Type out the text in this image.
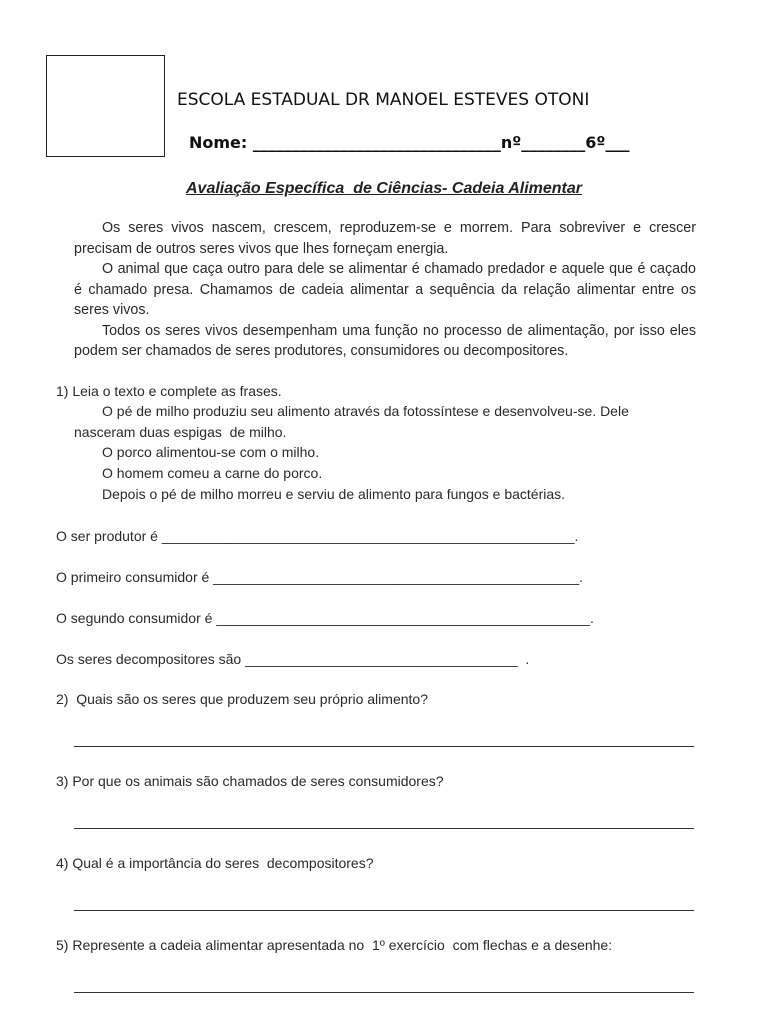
ESCOLA ESTADUAL DR MANOEL ESTEVES OTONI
Nome: _______________________________nº________6º___
Avaliação Específica  de Ciências- Cadeia Alimentar

Os seres vivos nascem, crescem, reproduzem-se e morrem. Para sobreviver e crescer precisam de outros seres vivos que lhes forneçam energia.

O animal que caça outro para dele se alimentar é chamado predador e aquele que é caçado é chamado presa. Chamamos de cadeia alimentar a sequência da relação alimentar entre os seres vivos.

Todos os seres vivos desempenham uma função no processo de alimentação, por isso eles podem ser chamados de seres produtores, consumidores ou decompositores.

1) Leia o texto e complete as frases.
O pé de milho produziu seu alimento através da fotossíntese e desenvolveu-se. Dele
nasceram duas espigas  de milho.
O porco alimentou-se com o milho.
O homem comeu a carne do porco.
Depois o pé de milho morreu e serviu de alimento para fungos e bactérias.
O ser produtor é _____________________________________________________.
O primeiro consumidor é _______________________________________________.
O segundo consumidor é ________________________________________________.
Os seres decompositores são ___________________________________  .
2)  Quais são os seres que produzem seu próprio alimento?
3) Por que os animais são chamados de seres consumidores?
4) Qual é a importância do seres  decompositores?
5) Represente a cadeia alimentar apresentada no  1º exercício  com flechas e a desenhe:
